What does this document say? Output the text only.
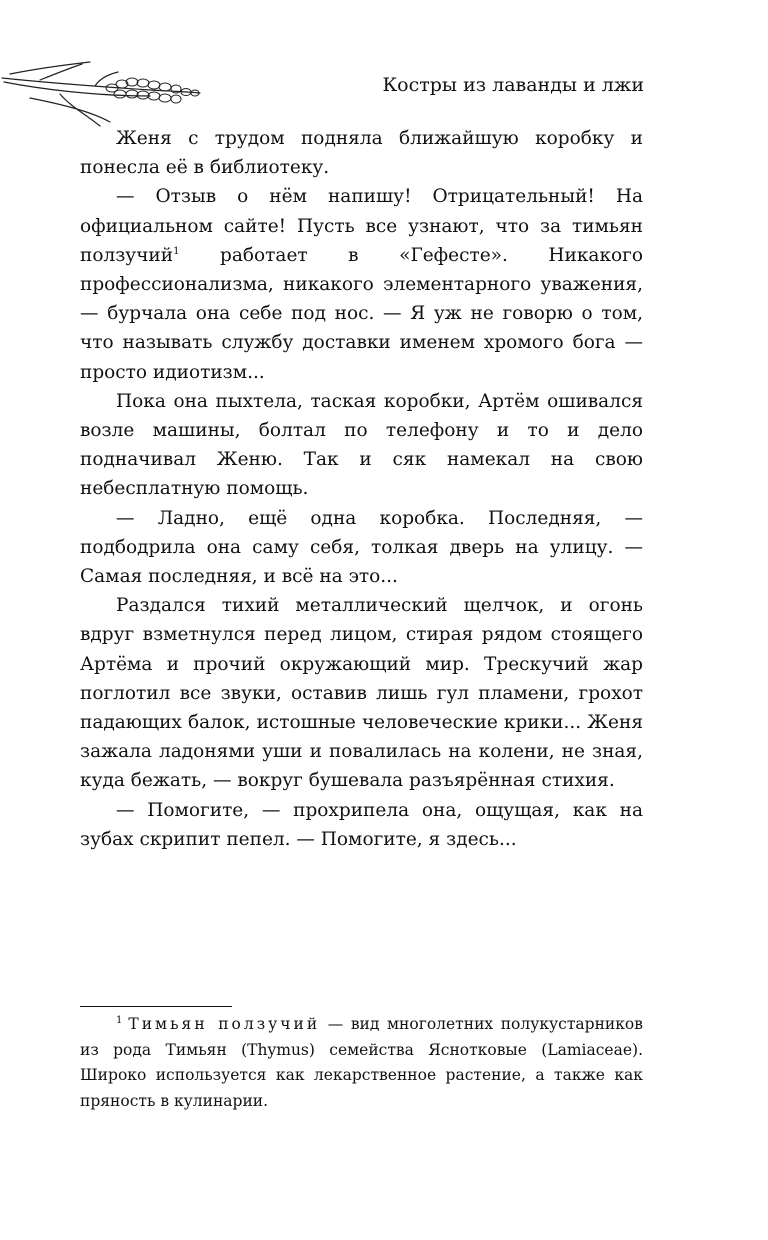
Костры из лаванды и лжи

Женя с трудом подняла ближайшую коробку и понесла её в библиотеку.

— Отзыв о нём напишу! Отрицательный! На официальном сайте! Пусть все узнают, что за тимьян ползучий$^1$ работает в «Гефесте». Никакого профессионализма, никакого элементарного уважения, — бурчала она себе под нос. — Я уж не говорю о том, что называть службу доставки именем хромого бога — просто идиотизм...

Пока она пыхтела, таская коробки, Артём ошивался возле машины, болтал по телефону и то и дело подначивал Женю. Так и сяк намекал на свою небесплатную помощь.

— Ладно, ещё одна коробка. Последняя, — подбодрила она саму себя, толкая дверь на улицу. — Самая последняя, и всё на это...

Раздался тихий металлический щелчок, и огонь вдруг взметнулся перед лицом, стирая рядом стоящего Артёма и прочий окружающий мир. Трескучий жар поглотил все звуки, оставив лишь гул пламени, грохот падающих балок, истошные человеческие крики... Женя зажала ладонями уши и повалилась на колени, не зная, куда бежать, — вокруг бушевала разъярённая стихия.

— Помогите, — прохрипела она, ощущая, как на зубах скрипит пепел. — Помогите, я здесь...

$^1$ Тимьян ползучий — вид многолетних полукустарников из рода Тимьян (Thymus) семейства Яснотковые (Lamiaceae). Широко используется как лекарственное растение, а также как пряность в кулинарии.
